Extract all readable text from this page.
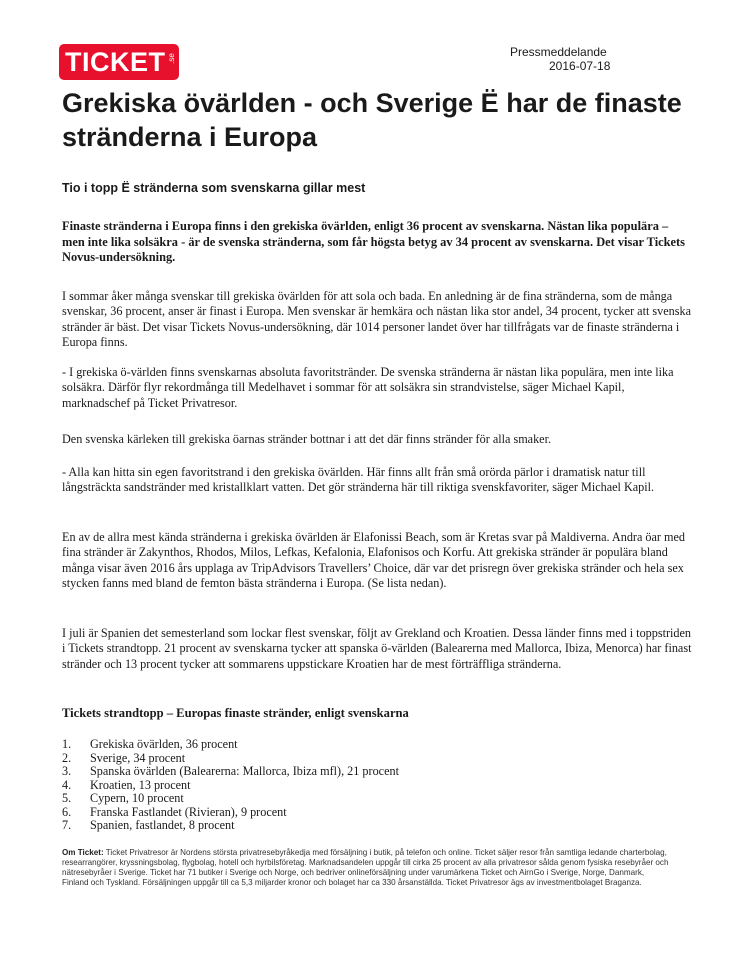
TICKET .se	Pressmeddelande
2016-07-18
Grekiska övärlden - och Sverige Ë har de finaste stränderna i Europa

Tio i topp Ë stränderna som svenskarna gillar mest

Finaste stränderna i Europa finns i den grekiska övärlden, enligt 36 procent av svenskarna. Nästan lika populära – men inte lika solsäkra - är de svenska stränderna, som får högsta betyg av 34 procent av svenskarna. Det visar Tickets Novus-undersökning.

I sommar åker många svenskar till grekiska övärlden för att sola och bada. En anledning är de fina stränderna, som de många svenskar, 36 procent, anser är finast i Europa. Men svenskar är hemkära och nästan lika stor andel, 34 procent, tycker att svenska stränder är bäst. Det visar Tickets Novus-undersökning, där 1014 personer landet över har tillfrågats var de finaste stränderna i Europa finns.

- I grekiska ö-världen finns svenskarnas absoluta favoritstränder. De svenska stränderna är nästan lika populära, men inte lika solsäkra. Därför flyr rekordmånga till Medelhavet i sommar för att solsäkra sin strandvistelse, säger Michael Kapil, marknadschef på Ticket Privatresor.

Den svenska kärleken till grekiska öarnas stränder bottnar i att det där finns stränder för alla smaker.

- Alla kan hitta sin egen favoritstrand i den grekiska övärlden. Här finns allt från små orörda pärlor i dramatisk natur till långsträckta sandstränder med kristallklart vatten. Det gör stränderna här till riktiga svenskfavoriter, säger Michael Kapil.

En av de allra mest kända stränderna i grekiska övärlden är Elafonissi Beach, som är Kretas svar på Maldiverna. Andra öar med fina stränder är Zakynthos, Rhodos, Milos, Lefkas, Kefalonia, Elafonisos och Korfu. Att grekiska stränder är populära bland många visar även 2016 års upplaga av TripAdvisors Travellers’ Choice, där var det prisregn över grekiska stränder och hela sex stycken fanns med bland de femton bästa stränderna i Europa. (Se lista nedan).

I juli är Spanien det semesterland som lockar flest svenskar, följt av Grekland och Kroatien. Dessa länder finns med i toppstriden i Tickets strandtopp. 21 procent av svenskarna tycker att spanska ö-världen (Balearerna med Mallorca, Ibiza, Menorca) har finast stränder och 13 procent tycker att sommarens uppstickare Kroatien har de mest förträffliga stränderna.

Tickets strandtopp – Europas finaste stränder, enligt svenskarna

1. Grekiska övärlden, 36 procent
2. Sverige, 34 procent
3. Spanska övärlden (Balearerna: Mallorca, Ibiza mfl), 21 procent
4. Kroatien, 13 procent
5. Cypern, 10 procent
6. Franska Fastlandet (Rivieran), 9 procent
7. Spanien, fastlandet, 8 procent

Om Ticket: Ticket Privatresor är Nordens största privatresebyråkedja med försäljning i butik, på telefon och online. Ticket säljer resor från samtliga ledande charterbolag, researrangörer, kryssningsbolag, flygbolag, hotell och hyrbilsföretag. Marknadsandelen uppgår till cirka 25 procent av alla privatresor sålda genom fysiska resebyråer och nätresebyråer i Sverige. Ticket har 71 butiker i Sverige och Norge, och bedriver onlineförsäljning under varumärkena Ticket och AirnGo i Sverige, Norge, Danmark, Finland och Tyskland. Försäljningen uppgår till ca 5,3 miljarder kronor och bolaget har ca 330 årsanställda. Ticket Privatresor ägs av investmentbolaget Braganza.
